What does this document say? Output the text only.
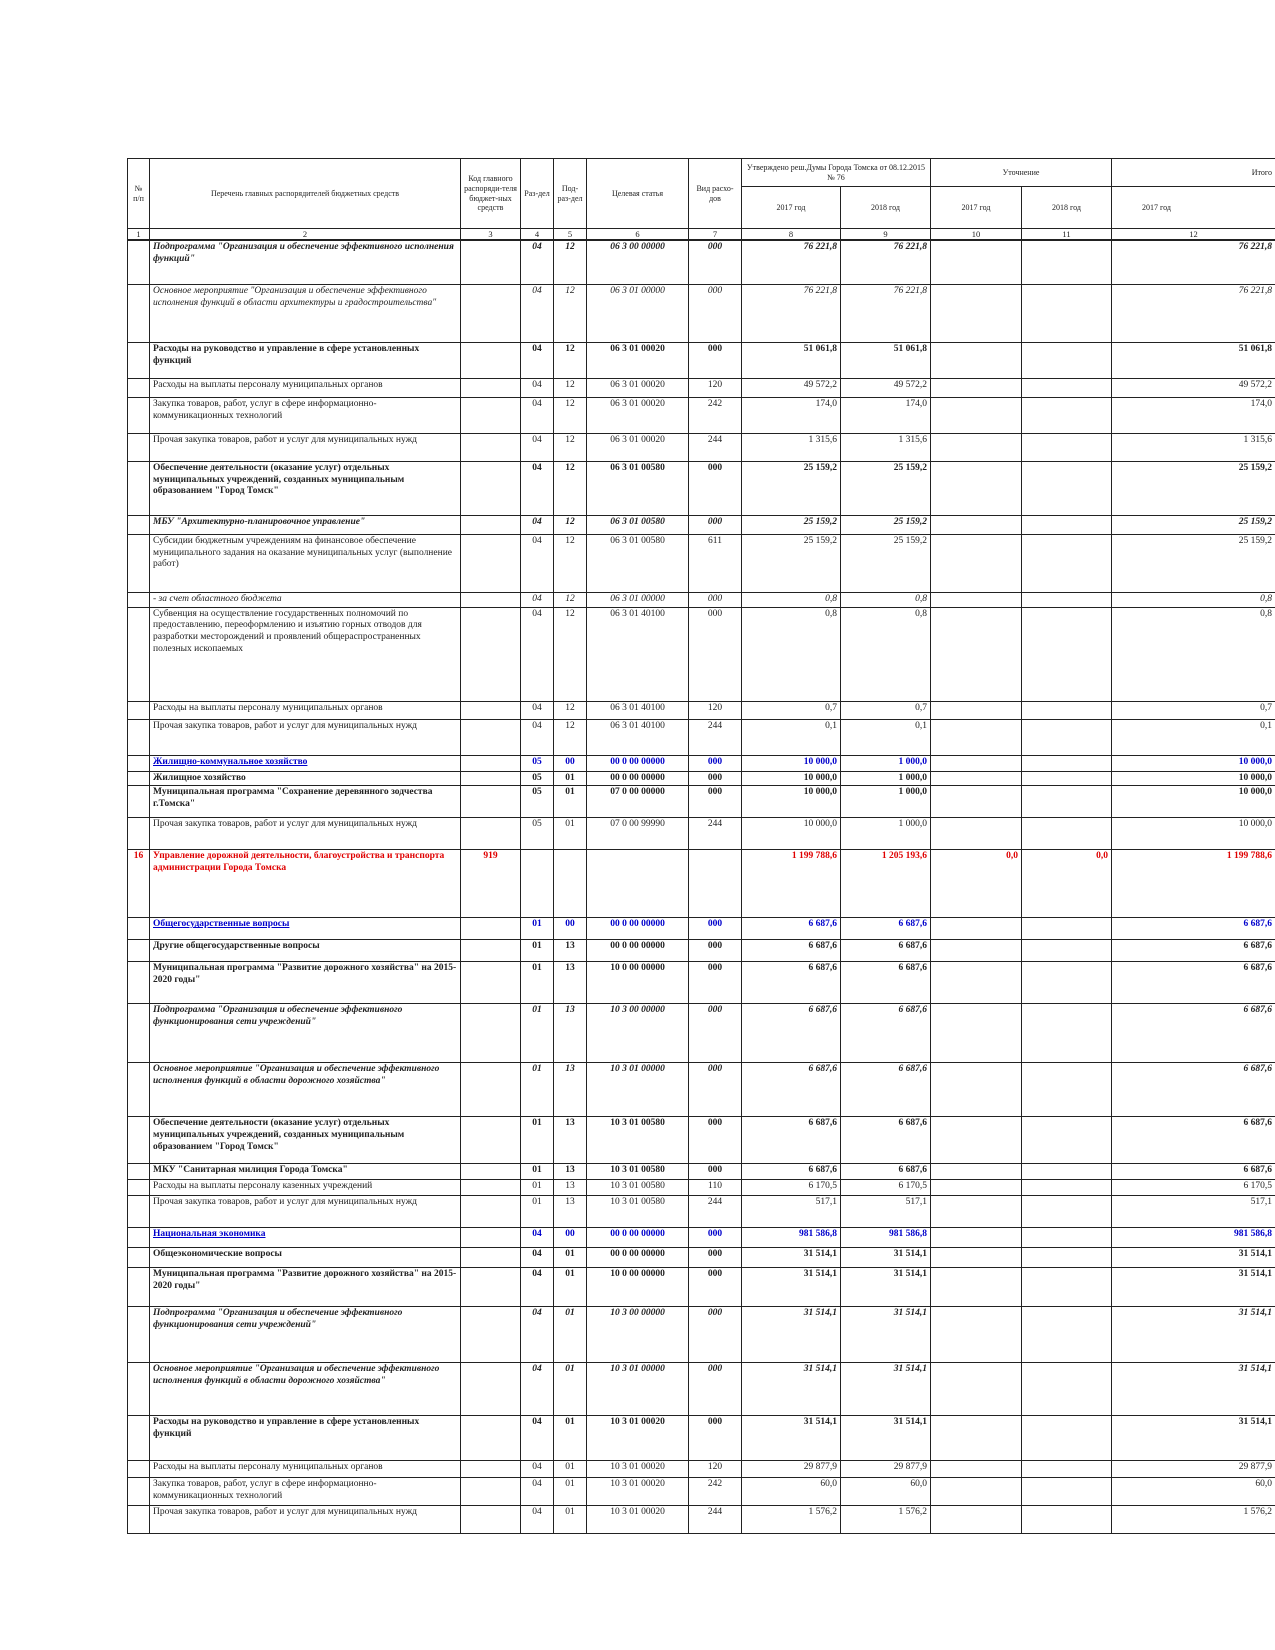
№ п/п	Перечень главных распорядителей бюджетных средств	Код главного распоряди-теля бюджет-ных средств	Раз-дел	Под-раз-дел	Целевая статья	Вид расхо-дов	Утверждено реш.Думы Города Томска от 08.12.2015 № 76		Уточнение		Итого
							2017 год	2018 год	2017 год	2018 год	2017 год
1	2	3	4	5	6	7	8	9	10	11	12
	Подпрограмма "Организация и обеспечение эффективного исполнения функций"		04	12	06 3 00 00000	000	76 221,8	76 221,8			76 221,8
	Основное мероприятие "Организация и обеспечение эффективного исполнения функций в области архитектуры и градостроительства"		04	12	06 3 01 00000	000	76 221,8	76 221,8			76 221,8
	Расходы на руководство и управление в сфере установленных функций		04	12	06 3 01 00020	000	51 061,8	51 061,8			51 061,8
	Расходы на выплаты персоналу муниципальных органов		04	12	06 3 01 00020	120	49 572,2	49 572,2			49 572,2
	Закупка товаров, работ, услуг в сфере информационно-коммуникационных технологий		04	12	06 3 01 00020	242	174,0	174,0			174,0
	Прочая закупка товаров, работ и услуг для муниципальных нужд		04	12	06 3 01 00020	244	1 315,6	1 315,6			1 315,6
	Обеспечение деятельности (оказание услуг) отдельных муниципальных учреждений, созданных муниципальным образованием "Город Томск"		04	12	06 3 01 00580	000	25 159,2	25 159,2			25 159,2
	МБУ "Архитектурно-планировочное управление"		04	12	06 3 01 00580	000	25 159,2	25 159,2			25 159,2
	Субсидии бюджетным учреждениям на финансовое обеспечение муниципального задания на оказание муниципальных услуг (выполнение работ)		04	12	06 3 01 00580	611	25 159,2	25 159,2			25 159,2
	- за счет областного бюджета		04	12	06 3 01 00000	000	0,8	0,8			0,8
	Субвенция на осуществление государственных полномочий по предоставлению, переоформлению и изъятию горных отводов для разработки месторождений и проявлений общераспространенных полезных ископаемых		04	12	06 3 01 40100	000	0,8	0,8			0,8
	Расходы на выплаты персоналу муниципальных органов		04	12	06 3 01 40100	120	0,7	0,7			0,7
	Прочая закупка товаров, работ и услуг для муниципальных нужд		04	12	06 3 01 40100	244	0,1	0,1			0,1
	Жилищно-коммунальное хозяйство		05	00	00 0 00 00000	000	10 000,0	1 000,0			10 000,0
	Жилищное хозяйство		05	01	00 0 00 00000	000	10 000,0	1 000,0			10 000,0
	Муниципальная программа "Сохранение деревянного зодчества г.Томска"		05	01	07 0 00 00000	000	10 000,0	1 000,0			10 000,0
	Прочая закупка товаров, работ и услуг для муниципальных нужд		05	01	07 0 00 99990	244	10 000,0	1 000,0			10 000,0
16	Управление дорожной деятельности, благоустройства и транспорта администрации Города Томска	919					1 199 788,6	1 205 193,6	0,0	0,0	1 199 788,6
	Общегосударственные вопросы		01	00	00 0 00 00000	000	6 687,6	6 687,6			6 687,6
	Другие общегосударственные вопросы		01	13	00 0 00 00000	000	6 687,6	6 687,6			6 687,6
	Муниципальная программа "Развитие дорожного хозяйства" на 2015-2020 годы"		01	13	10 0 00 00000	000	6 687,6	6 687,6			6 687,6
	Подпрограмма "Организация и обеспечение эффективного функционирования сети учреждений"		01	13	10 3 00 00000	000	6 687,6	6 687,6			6 687,6
	Основное мероприятие "Организация и обеспечение эффективного исполнения функций в области дорожного хозяйства"		01	13	10 3 01 00000	000	6 687,6	6 687,6			6 687,6
	Обеспечение деятельности (оказание услуг) отдельных муниципальных учреждений, созданных муниципальным образованием "Город Томск"		01	13	10 3 01 00580	000	6 687,6	6 687,6			6 687,6
	МКУ "Санитарная милиция Города Томска"		01	13	10 3 01 00580	000	6 687,6	6 687,6			6 687,6
	Расходы на выплаты персоналу казенных учреждений		01	13	10 3 01 00580	110	6 170,5	6 170,5			6 170,5
	Прочая закупка товаров, работ и услуг для муниципальных нужд		01	13	10 3 01 00580	244	517,1	517,1			517,1
	Национальная экономика		04	00	00 0 00 00000	000	981 586,8	981 586,8			981 586,8
	Общеэкономические вопросы		04	01	00 0 00 00000	000	31 514,1	31 514,1			31 514,1
	Муниципальная программа "Развитие дорожного хозяйства" на 2015-2020 годы"		04	01	10 0 00 00000	000	31 514,1	31 514,1			31 514,1
	Подпрограмма "Организация и обеспечение эффективного функционирования сети учреждений"		04	01	10 3 00 00000	000	31 514,1	31 514,1			31 514,1
	Основное мероприятие "Организация и обеспечение эффективного исполнения функций в области дорожного хозяйства"		04	01	10 3 01 00000	000	31 514,1	31 514,1			31 514,1
	Расходы на руководство и управление в сфере установленных функций		04	01	10 3 01 00020	000	31 514,1	31 514,1			31 514,1
	Расходы на выплаты персоналу муниципальных органов		04	01	10 3 01 00020	120	29 877,9	29 877,9			29 877,9
	Закупка товаров, работ, услуг в сфере информационно-коммуникационных технологий		04	01	10 3 01 00020	242	60,0	60,0			60,0
	Прочая закупка товаров, работ и услуг для муниципальных нужд		04	01	10 3 01 00020	244	1 576,2	1 576,2			1 576,2
